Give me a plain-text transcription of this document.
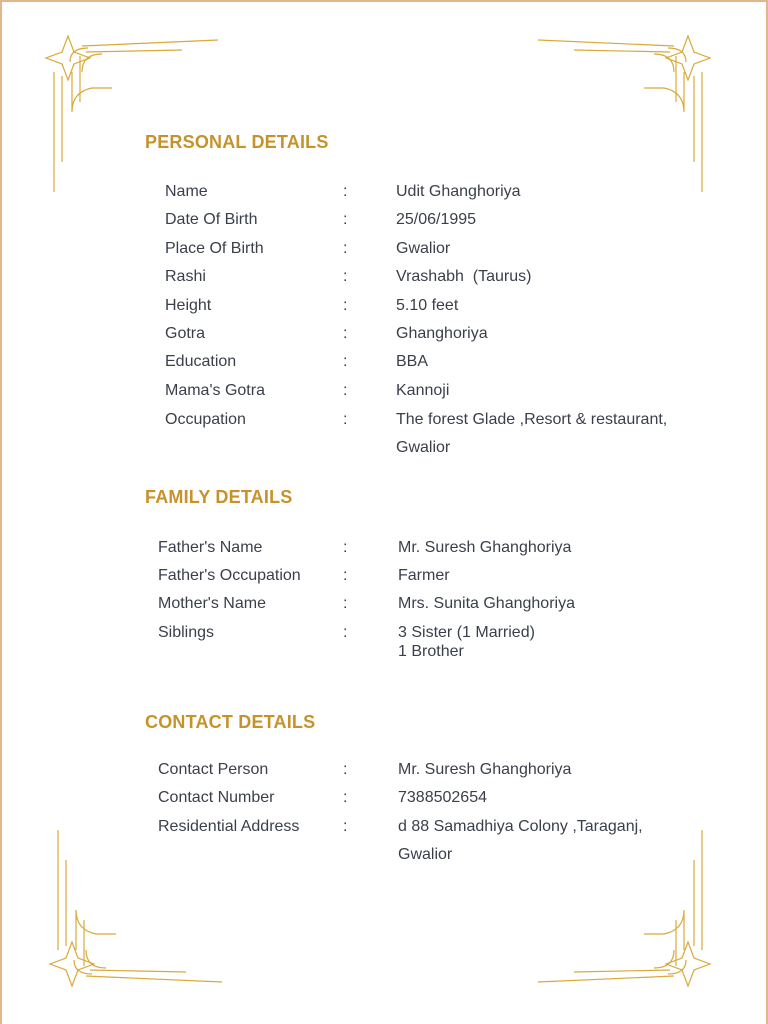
PERSONAL DETAILS
Name	:	Udit Ghanghoriya
Date Of Birth	:	25/06/1995
Place Of Birth	:	Gwalior
Rashi	:	Vrashabh  (Taurus)
Height	:	5.10 feet
Gotra	:	Ghanghoriya
Education	:	BBA
Mama's Gotra	:	Kannoji
Occupation	:	The forest Glade ,Resort & restaurant,
Gwalior
FAMILY DETAILS
Father's Name	:	Mr. Suresh Ghanghoriya
Father's Occupation	:	Farmer
Mother's Name	:	Mrs. Sunita Ghanghoriya
Siblings	:	3 Sister (1 Married)
1 Brother
CONTACT DETAILS
Contact Person	:	Mr. Suresh Ghanghoriya
Contact Number	:	7388502654
Residential Address	:	d 88 Samadhiya Colony ,Taraganj,
Gwalior
